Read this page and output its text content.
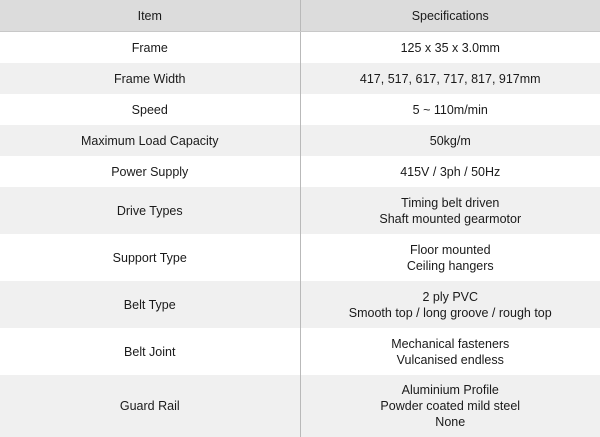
Item	Specifications
Frame	125 x 35 x 3.0mm

Frame Width	417, 517, 617, 717, 817, 917mm

Speed	5 ~ 110m/min

Maximum Load Capacity	50kg/m

Power Supply	415V / 3ph / 50Hz

Drive Types	Timing belt driven
Shaft mounted gearmotor

Support Type	Floor mounted
Ceiling hangers

Belt Type	2 ply PVC
Smooth top / long groove / rough top

Belt Joint	Mechanical fasteners
Vulcanised endless

Guard Rail	Aluminium Profile
Powder coated mild steel
None
